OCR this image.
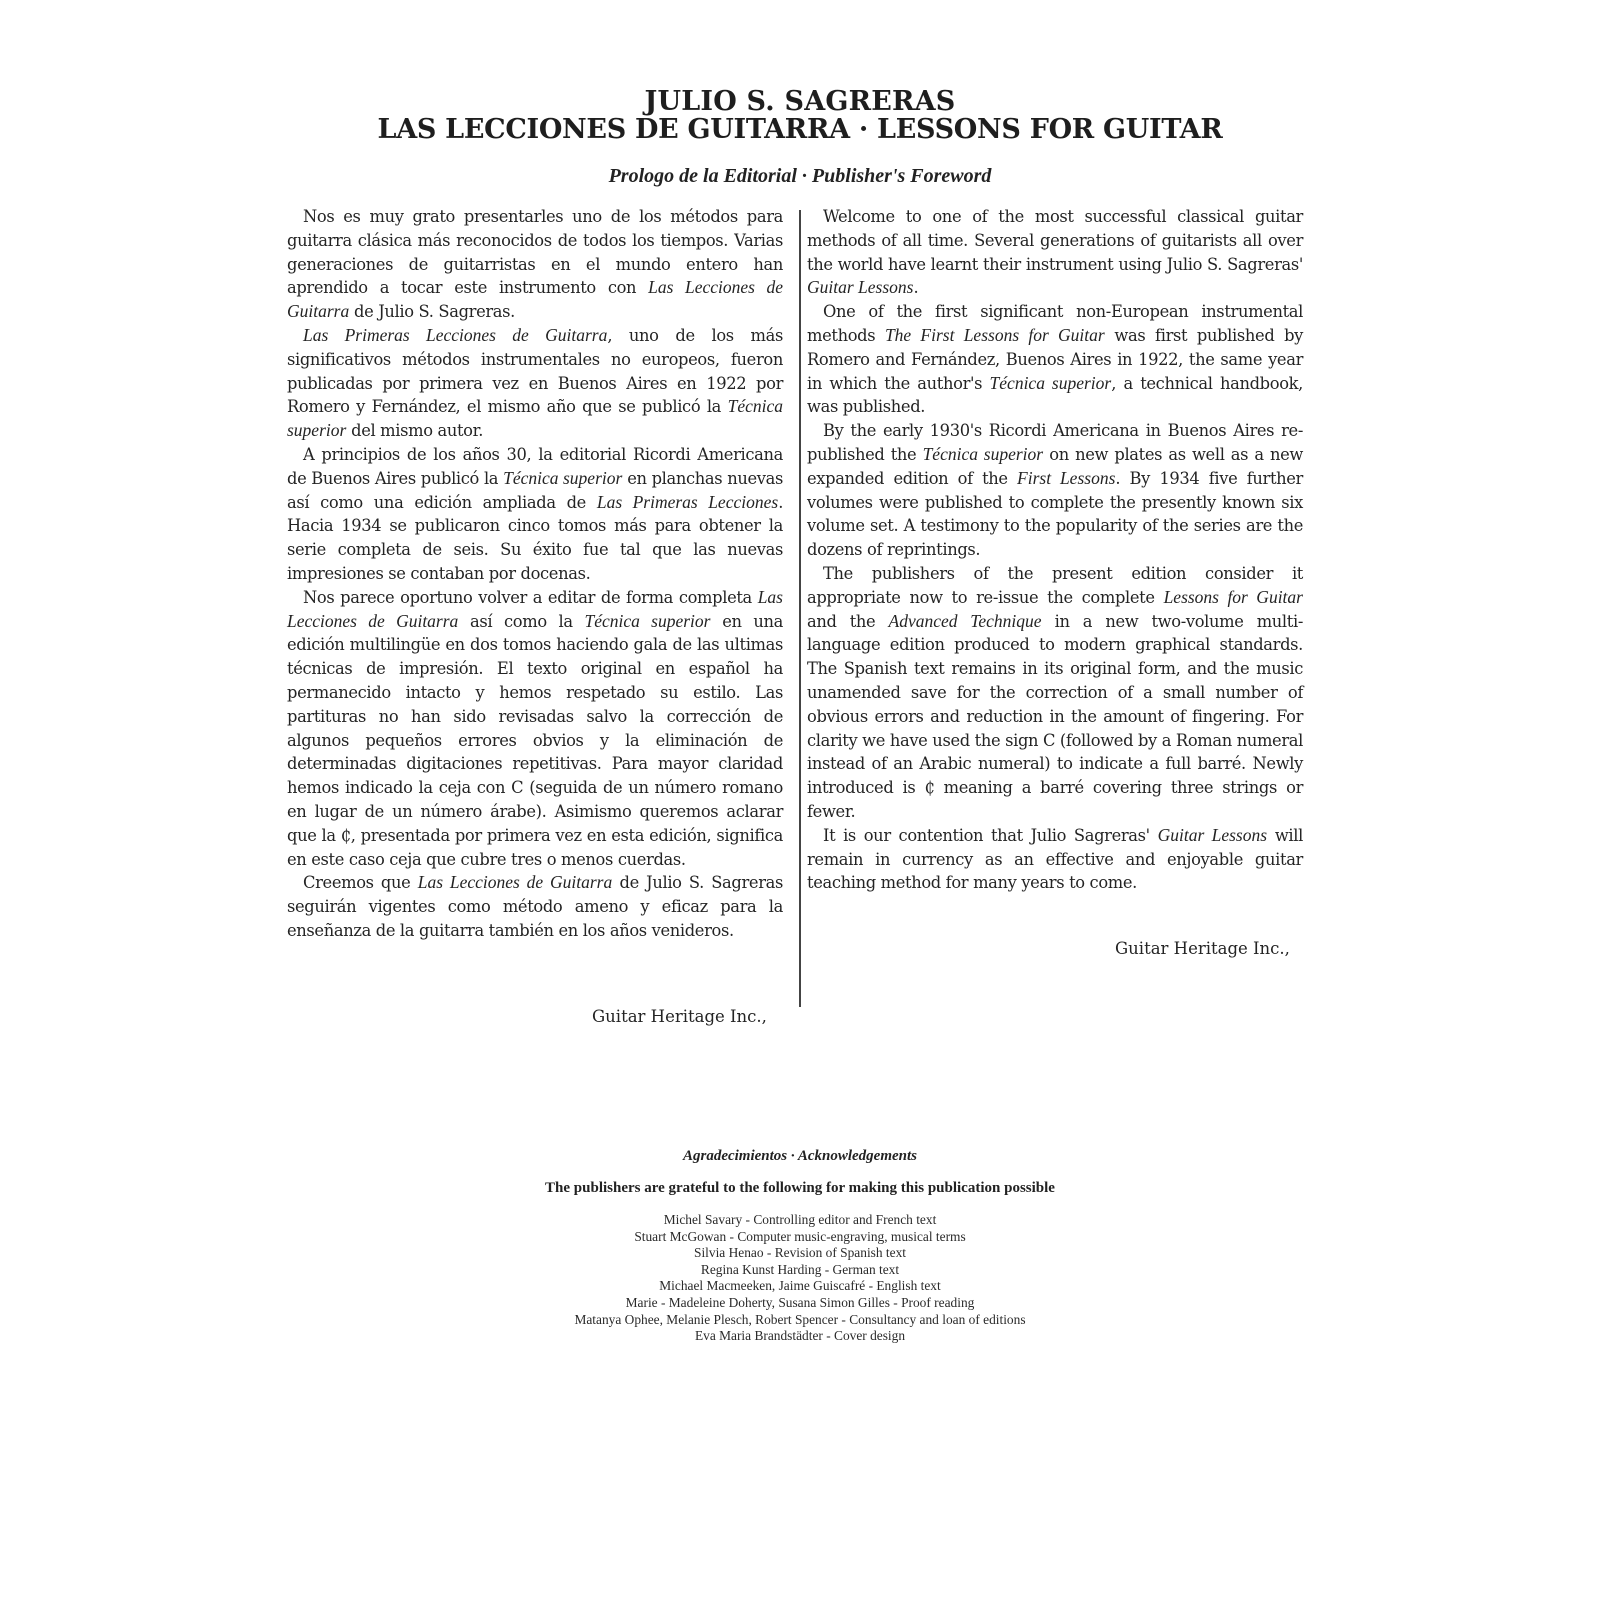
JULIO S. SAGRERAS
LAS LECCIONES DE GUITARRA · LESSONS FOR GUITAR
Prologo de la Editorial · Publisher's Foreword

Nos es muy grato presentarles uno de los métodos para guitarra clásica más reconocidos de todos los tiempos. Varias generaciones de guitarristas en el mundo entero han aprendido a tocar este instrumento con Las Lecciones de Guitarra de Julio S. Sagreras.

Las Primeras Lecciones de Guitarra, uno de los más significativos métodos instrumentales no europeos, fueron publicadas por primera vez en Buenos Aires en 1922 por Romero y Fernández, el mismo año que se publicó la Técnica superior del mismo autor.

A principios de los años 30, la editorial Ricordi Americana de Buenos Aires publicó la Técnica superior en planchas nuevas así como una edición ampliada de Las Primeras Lecciones. Hacia 1934 se publicaron cinco tomos más para obtener la serie completa de seis. Su éxito fue tal que las nuevas impresiones se contaban por docenas.

Nos parece oportuno volver a editar de forma completa Las Lecciones de Guitarra así como la Técnica superior en una edición multilingüe en dos tomos haciendo gala de las ultimas técnicas de impresión. El texto original en español ha permanecido intacto y hemos respetado su estilo. Las partituras no han sido revisadas salvo la corrección de algunos pequeños errores obvios y la eliminación de determinadas digitaciones repetitivas. Para mayor claridad hemos indicado la ceja con C (seguida de un número romano en lugar de un número árabe). Asimismo queremos aclarar que la ₵, presentada por primera vez en esta edición, significa en este caso ceja que cubre tres o menos cuerdas.

Creemos que Las Lecciones de Guitarra de Julio S. Sagreras seguirán vigentes como método ameno y eficaz para la enseñanza de la guitarra también en los años venideros.

Welcome to one of the most successful classical guitar methods of all time. Several generations of guitarists all over the world have learnt their instrument using Julio S. Sagreras' Guitar Lessons.

One of the first significant non-European instrumental methods The First Lessons for Guitar was first published by Romero and Fernández, Buenos Aires in 1922, the same year in which the author's Técnica superior, a technical handbook, was published.

By the early 1930's Ricordi Americana in Buenos Aires re-published the Técnica superior on new plates as well as a new expanded edition of the First Lessons. By 1934 five further volumes were published to complete the presently known six volume set. A testimony to the popularity of the series are the dozens of reprintings.

The publishers of the present edition consider it appropriate now to re-issue the complete Lessons for Guitar and the Advanced Technique in a new two-volume multi-language edition produced to modern graphical standards. The Spanish text remains in its original form, and the music unamended save for the correction of a small number of obvious errors and reduction in the amount of fingering. For clarity we have used the sign C (followed by a Roman numeral instead of an Arabic numeral) to indicate a full barré. Newly introduced is ₵ meaning a barré covering three strings or fewer.

It is our contention that Julio Sagreras' Guitar Lessons will remain in currency as an effective and enjoyable guitar teaching method for many years to come.

Guitar Heritage Inc.,
Guitar Heritage Inc.,
Agradecimientos · Acknowledgements
The publishers are grateful to the following for making this publication possible
Michel Savary - Controlling editor and French text
Stuart McGowan - Computer music-engraving, musical terms
Silvia Henao - Revision of Spanish text
Regina Kunst Harding - German text
Michael Macmeeken, Jaime Guiscafré - English text
Marie - Madeleine Doherty, Susana Simon Gilles - Proof reading
Matanya Ophee, Melanie Plesch, Robert Spencer - Consultancy and loan of editions
Eva Maria Brandstädter - Cover design
